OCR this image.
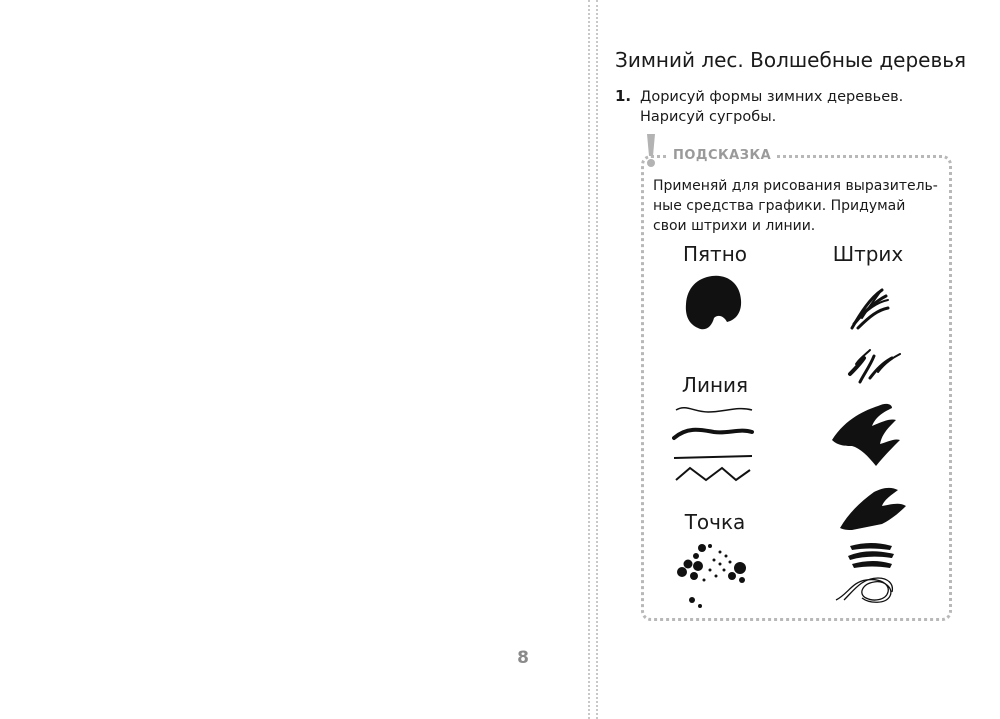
8
Зимний лес. Волшебные деревья
1. Дорисуй формы зимних деревьев. Нарисуй сугробы.
ПОДСКАЗКА
Применяй для рисования выразитель-ные средства графики. Придумай свои штрихи и линии.
Пятно
Линия
Точка
Штрих
